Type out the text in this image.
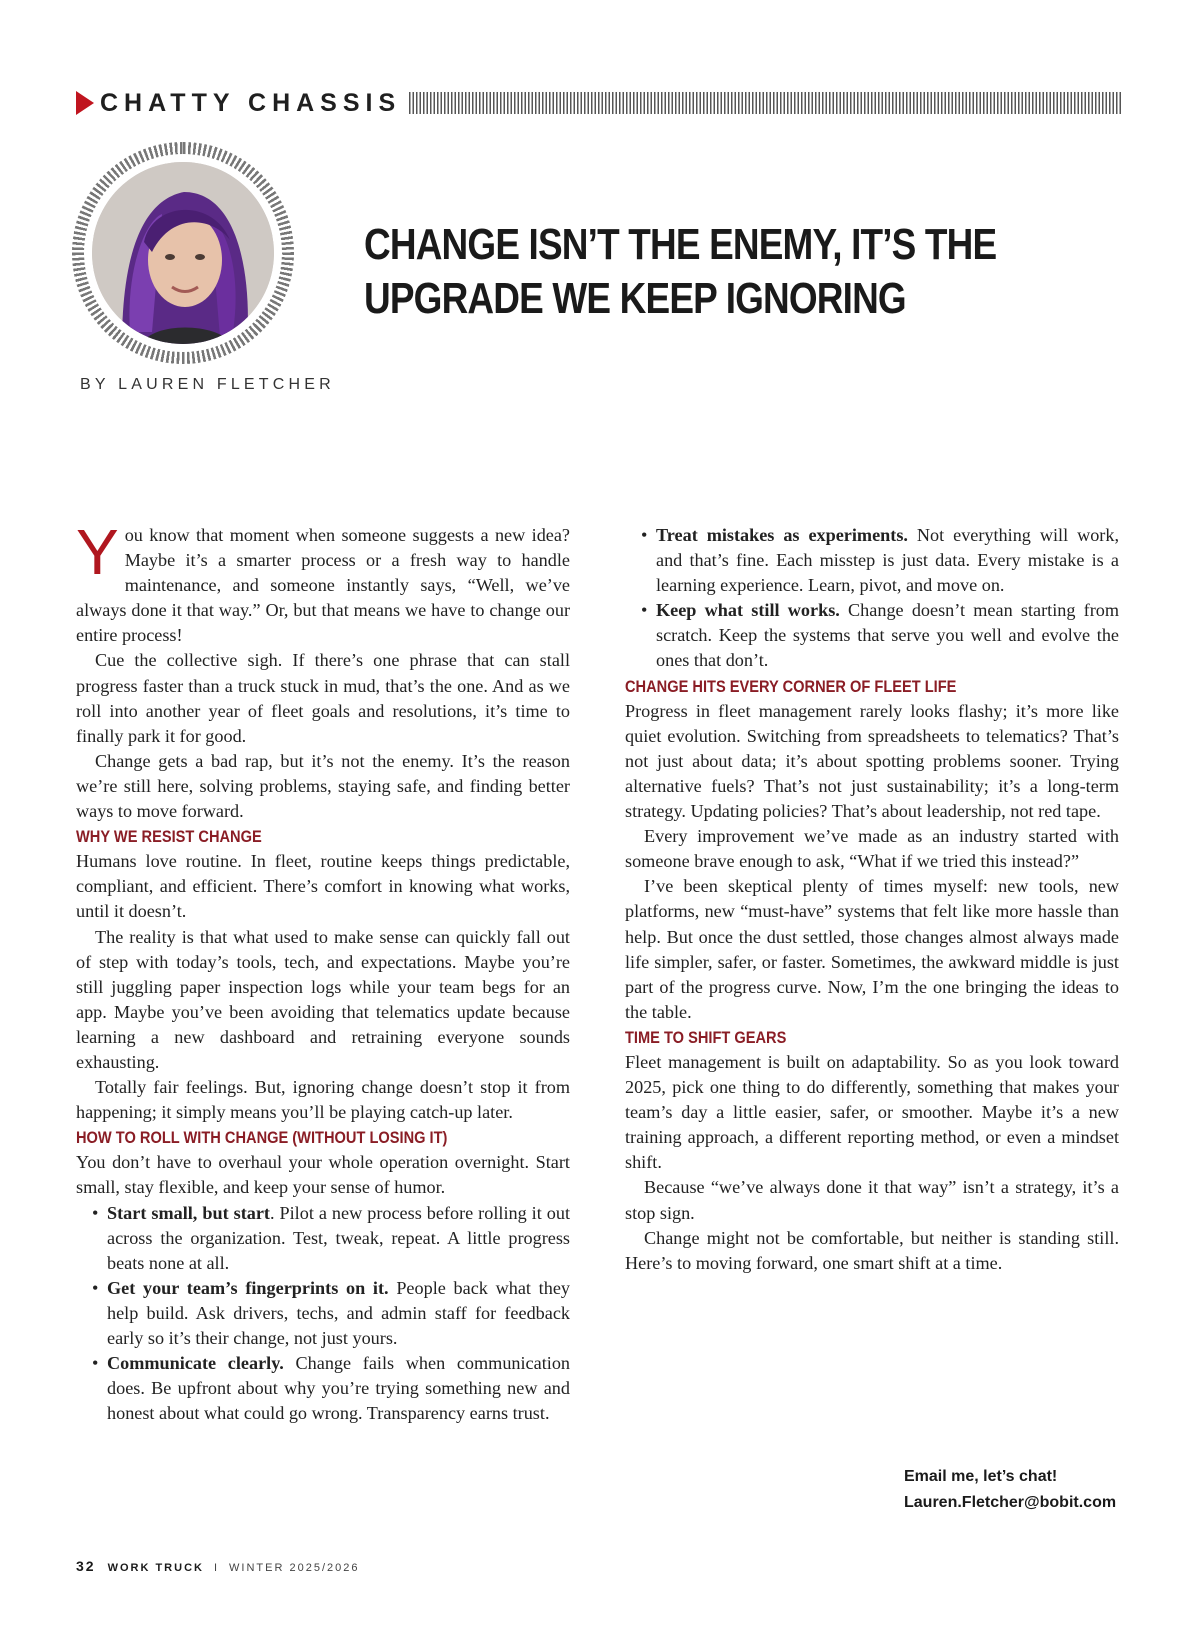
CHATTY CHASSIS
BY LAUREN FLETCHER
CHANGE ISN’T THE ENEMY, IT’S THE
UPGRADE WE KEEP IGNORING

You know that moment when someone suggests a new idea? Maybe it’s a smarter process or a fresh way to handle maintenance, and someone instantly says, “Well, we’ve always done it that way.” Or, but that means we have to change our entire process!

Cue the collective sigh. If there’s one phrase that can stall progress faster than a truck stuck in mud, that’s the one. And as we roll into another year of fleet goals and resolutions, it’s time to finally park it for good.

Change gets a bad rap, but it’s not the enemy. It’s the reason we’re still here, solving problems, staying safe, and finding better ways to move forward.

WHY WE RESIST CHANGE

Humans love routine. In fleet, routine keeps things predictable, compliant, and efficient. There’s comfort in knowing what works, until it doesn’t.

The reality is that what used to make sense can quickly fall out of step with today’s tools, tech, and expectations. Maybe you’re still juggling paper inspection logs while your team begs for an app. Maybe you’ve been avoiding that telematics update because learning a new dashboard and retraining everyone sounds exhausting.

Totally fair feelings. But, ignoring change doesn’t stop it from happening; it simply means you’ll be playing catch-up later.

HOW TO ROLL WITH CHANGE (WITHOUT LOSING IT)

You don’t have to overhaul your whole operation overnight. Start small, stay flexible, and keep your sense of humor.

• Start small, but start. Pilot a new process before rolling it out across the organization. Test, tweak, repeat. A little progress beats none at all.
• Get your team’s fingerprints on it. People back what they help build. Ask drivers, techs, and admin staff for feedback early so it’s their change, not just yours.
• Communicate clearly. Change fails when communication does. Be upfront about why you’re trying something new and honest about what could go wrong. Transparency earns trust.
• Treat mistakes as experiments. Not everything will work, and that’s fine. Each misstep is just data. Every mistake is a learning experience. Learn, pivot, and move on.
• Keep what still works. Change doesn’t mean starting from scratch. Keep the systems that serve you well and evolve the ones that don’t.
CHANGE HITS EVERY CORNER OF FLEET LIFE

Progress in fleet management rarely looks flashy; it’s more like quiet evolution. Switching from spreadsheets to telematics? That’s not just about data; it’s about spotting problems sooner. Trying alternative fuels? That’s not just sustainability; it’s a long-term strategy. Updating policies? That’s about leadership, not red tape.

Every improvement we’ve made as an industry started with someone brave enough to ask, “What if we tried this instead?”

I’ve been skeptical plenty of times myself: new tools, new platforms, new “must-have” systems that felt like more hassle than help. But once the dust settled, those changes almost always made life simpler, safer, or faster. Sometimes, the awkward middle is just part of the progress curve. Now, I’m the one bringing the ideas to the table.

TIME TO SHIFT GEARS

Fleet management is built on adaptability. So as you look toward 2025, pick one thing to do differently, something that makes your team’s day a little easier, safer, or smoother. Maybe it’s a new training approach, a different reporting method, or even a mindset shift.

Because “we’ve always done it that way” isn’t a strategy, it’s a stop sign.

Change might not be comfortable, but neither is standing still. Here’s to moving forward, one smart shift at a time.

Email me, let’s chat!
Lauren.Fletcher@bobit.com
32 WORK TRUCK I WINTER 2025/2026
